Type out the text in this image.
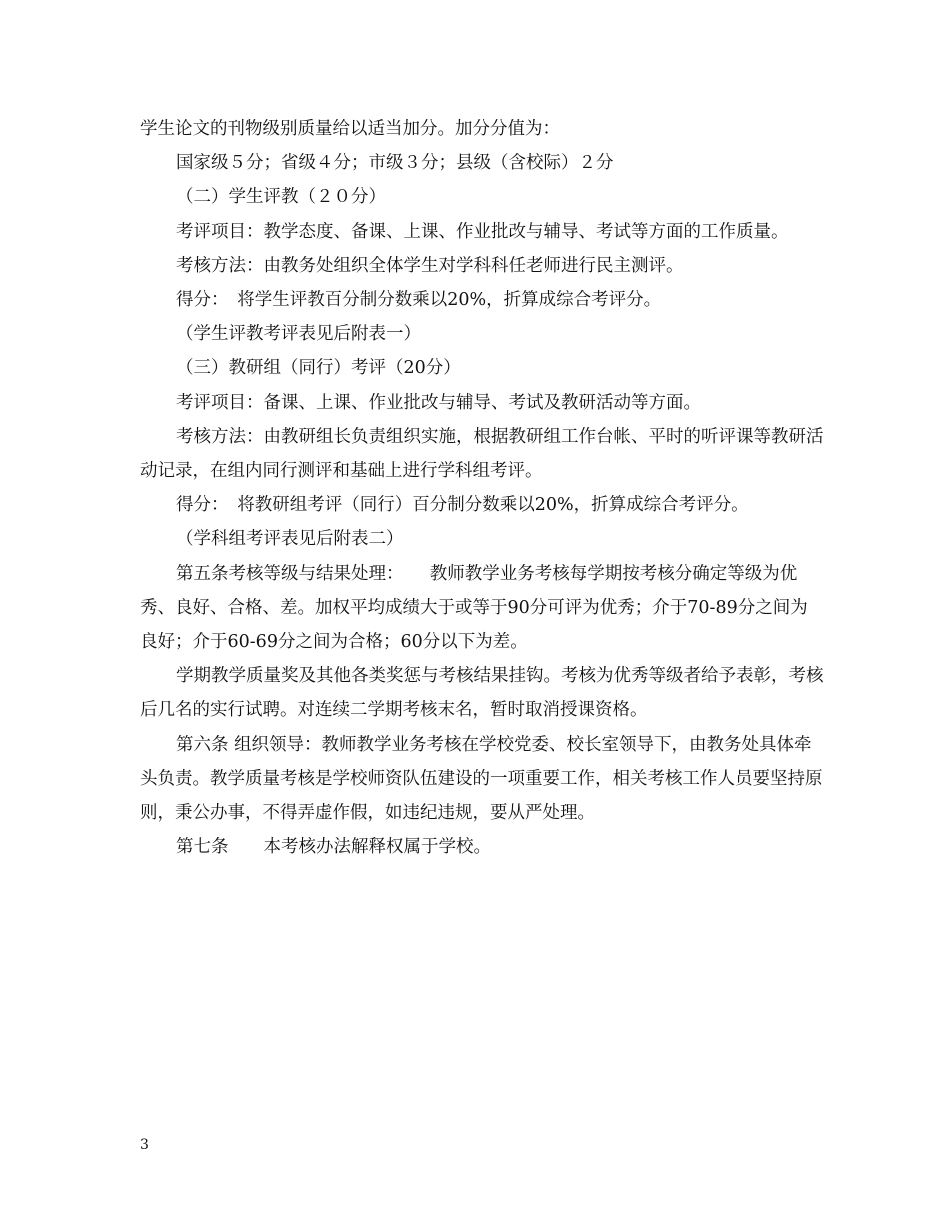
学生论文的刊物级别质量给以适当加分。加分分值为：

国家级５分；省级４分；市级３分；县级（含校际）２分

（二）学生评教（２０分）

考评项目：教学态度、备课、上课、作业批改与辅导、考试等方面的工作质量。

考核方法：由教务处组织全体学生对学科科任老师进行民主测评。

得分：　将学生评教百分制分数乘以20%，折算成综合考评分。

（学生评教考评表见后附表一）

（三）教研组（同行）考评（20分）

考评项目：备课、上课、作业批改与辅导、考试及教研活动等方面。

考核方法：由教研组长负责组织实施，根据教研组工作台帐、平时的听评课等教研活动记录，在组内同行测评和基础上进行学科组考评。

得分：　将教研组考评（同行）百分制分数乘以20%，折算成综合考评分。

（学科组考评表见后附表二）

第五条考核等级与结果处理：　　教师教学业务考核每学期按考核分确定等级为优秀、良好、合格、差。加权平均成绩大于或等于90分可评为优秀；介于70-89分之间为良好；介于60-69分之间为合格；60分以下为差。

学期教学质量奖及其他各类奖惩与考核结果挂钩。考核为优秀等级者给予表彰，考核后几名的实行试聘。对连续二学期考核末名，暂时取消授课资格。

第六条 组织领导：教师教学业务考核在学校党委、校长室领导下，由教务处具体牵头负责。教学质量考核是学校师资队伍建设的一项重要工作，相关考核工作人员要坚持原则，秉公办事，不得弄虚作假，如违纪违规，要从严处理。

第七条　　本考核办法解释权属于学校。

3
